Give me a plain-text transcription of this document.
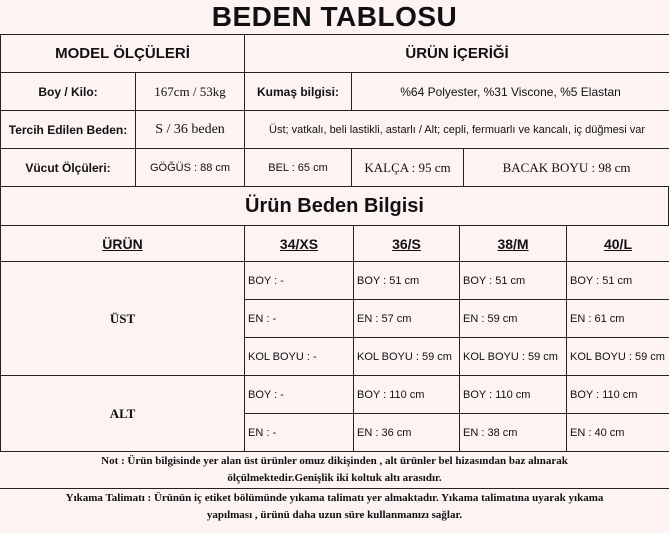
BEDEN TABLOSU
MODEL ÖLÇÜLERİ		ÜRÜN İÇERİĞİ		
Boy / Kilo:	167cm / 53kg	Kumaş bilgisi:	%64 Polyester, %31 Viscone, %5 Elastan	
Tercih Edilen Beden:	S / 36 beden	Üst; vatkalı, beli lastikli, astarlı / Alt; cepli, fermuarlı ve kancalı, iç düğmesi var		
Vücut Ölçüleri:	GÖĞÜS : 88 cm	BEL : 65 cm	KALÇA : 95 cm	BACAK BOYU : 98 cm
Ürün Beden Bilgisi
ÜRÜN	34/XS	36/S	38/M	40/L
ÜST	BOY : -	BOY : 51 cm	BOY : 51 cm	BOY : 51 cm
	EN : -	EN : 57 cm	EN : 59 cm	EN : 61 cm
	KOL BOYU : -	KOL BOYU : 59 cm	KOL BOYU : 59 cm	KOL BOYU : 59 cm
ALT	BOY : -	BOY : 110 cm	BOY : 110 cm	BOY : 110 cm
	EN : -	EN : 36 cm	EN : 38 cm	EN : 40 cm
Not : Ürün bilgisinde yer alan üst ürünler omuz dikişinden , alt ürünler bel hizasından baz alınarak
ölçülmektedir.Genişlik iki koltuk altı arasıdır.
Yıkama Talimatı : Ürünün iç etiket bölümünde yıkama talimatı yer almaktadır. Yıkama talimatına uyarak yıkama
yapılması , ürünü daha uzun süre kullanmanızı sağlar.
